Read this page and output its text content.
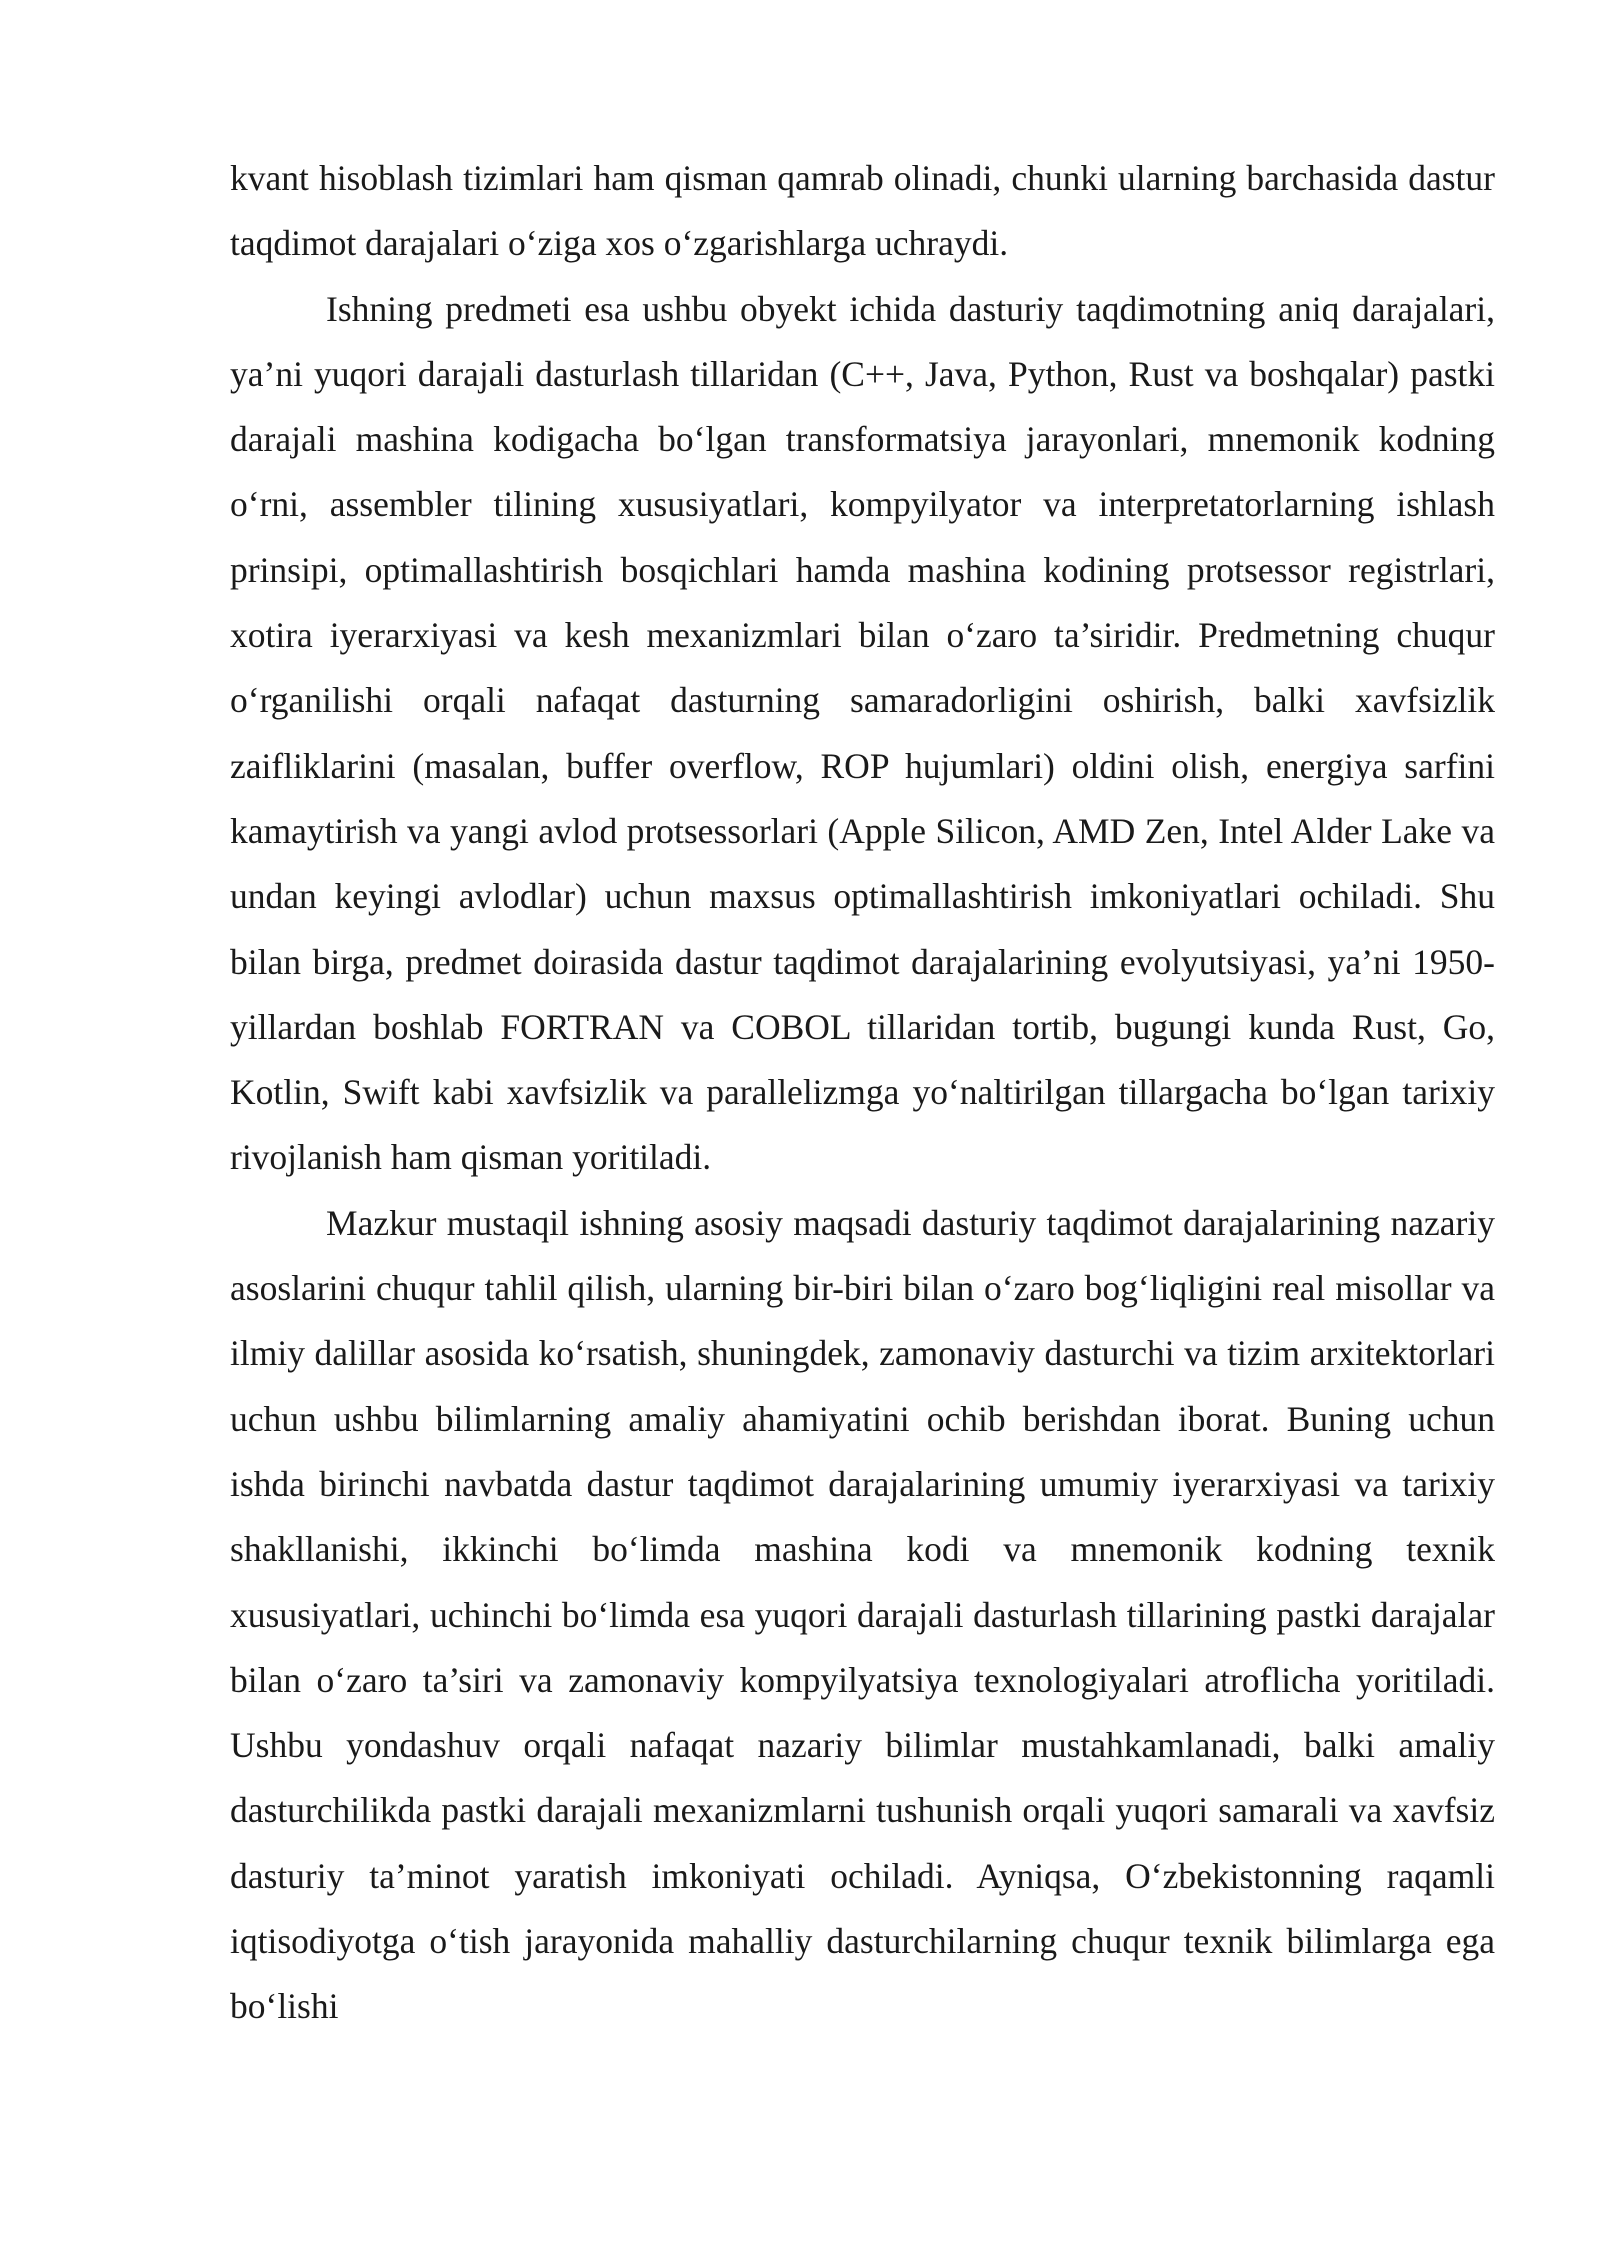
kvant hisoblash tizimlari ham qisman qamrab olinadi, chunki ularning barchasida dastur taqdimot darajalari o‘ziga xos o‘zgarishlarga uchraydi.

Ishning predmeti esa ushbu obyekt ichida dasturiy taqdimotning aniq darajalari, ya’ni yuqori darajali dasturlash tillaridan (C++, Java, Python, Rust va boshqalar) pastki darajali mashina kodigacha bo‘lgan transformatsiya jarayonlari, mnemonik kodning o‘rni, assembler tilining xususiyatlari, kompyilyator va interpretatorlarning ishlash prinsipi, optimallashtirish bosqichlari hamda mashina kodining protsessor registrlari, xotira iyerarxiyasi va kesh mexanizmlari bilan o‘zaro ta’siridir. Predmetning chuqur o‘rganilishi orqali nafaqat dasturning samaradorligini oshirish, balki xavfsizlik zaifliklarini (masalan, buffer overflow, ROP hujumlari) oldini olish, energiya sarfini kamaytirish va yangi avlod protsessorlari (Apple Silicon, AMD Zen, Intel Alder Lake va undan keyingi avlodlar) uchun maxsus optimallashtirish imkoniyatlari ochiladi. Shu bilan birga, predmet doirasida dastur taqdimot darajalarining evolyutsiyasi, ya’ni 1950-yillardan boshlab FORTRAN va COBOL tillaridan tortib, bugungi kunda Rust, Go, Kotlin, Swift kabi xavfsizlik va parallelizmga yo‘naltirilgan tillargacha bo‘lgan tarixiy rivojlanish ham qisman yoritiladi.

Mazkur mustaqil ishning asosiy maqsadi dasturiy taqdimot darajalarining nazariy asoslarini chuqur tahlil qilish, ularning bir-biri bilan o‘zaro bog‘liqligini real misollar va ilmiy dalillar asosida ko‘rsatish, shuningdek, zamonaviy dasturchi va tizim arxitektorlari uchun ushbu bilimlarning amaliy ahamiyatini ochib berishdan iborat. Buning uchun ishda birinchi navbatda dastur taqdimot darajalarining umumiy iyerarxiyasi va tarixiy shakllanishi, ikkinchi bo‘limda mashina kodi va mnemonik kodning texnik xususiyatlari, uchinchi bo‘limda esa yuqori darajali dasturlash tillarining pastki darajalar bilan o‘zaro ta’siri va zamonaviy kompyilyatsiya texnologiyalari atroflicha yoritiladi. Ushbu yondashuv orqali nafaqat nazariy bilimlar mustahkamlanadi, balki amaliy dasturchilikda pastki darajali mexanizmlarni tushunish orqali yuqori samarali va xavfsiz dasturiy ta’minot yaratish imkoniyati ochiladi. Ayniqsa, O‘zbekistonning raqamli iqtisodiyotga o‘tish jarayonida mahalliy dasturchilarning chuqur texnik bilimlarga ega bo‘lishi
